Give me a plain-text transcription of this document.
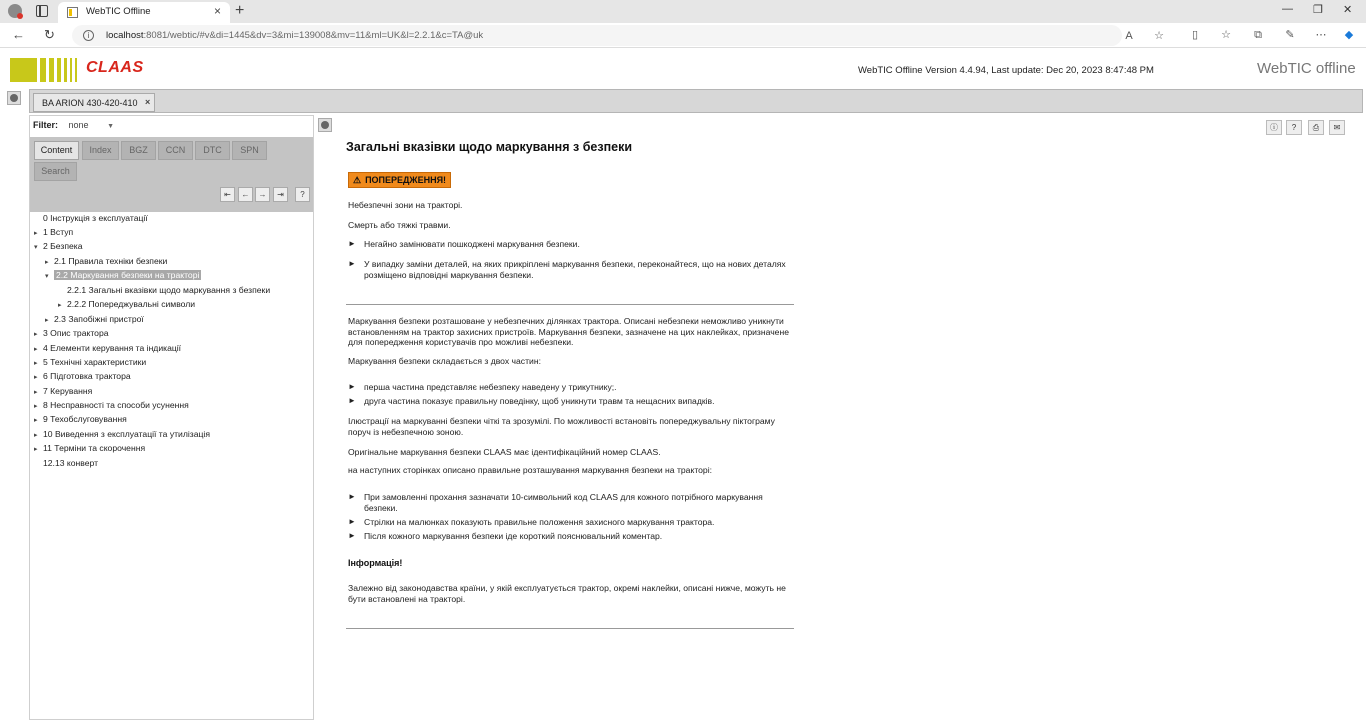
WebTIC Offline	× +	— ❐ ✕
← ↻	i	localhost:8081/webtic/#v&di=1445&dv=3&mi=139008&mv=11&ml=UK&l=2.2.1&c=TA@uk	A	☆	▯	☆ ⧉ ✎ ⋯ ◆
CLAAS	WebTIC Offline Version 4.4.94, Last update: Dec 20, 2023 8:47:48 PM	WebTIC offline
BA ARION 430-420-410 ×
Filter: none	▼
Content	Index	BGZ	CCN	DTC	SPN
Search
⇤	←	→	⇥	?
0 Інструкція з експлуатації
▸ 1 Вступ
▾ 2 Безпека
▸ 2.1 Правила техніки безпеки
▾ 2.2 Маркування безпеки на тракторі
2.2.1 Загальні вказівки щодо маркування з безпеки
▸ 2.2.2 Попереджувальні символи
▸ 2.3 Запобіжні пристрої
▸ 3 Опис трактора
▸ 4 Елементи керування та індикації
▸ 5 Технічні характеристики
▸ 6 Підготовка трактора
▸ 7 Керування
▸ 8 Несправності та способи усунення
▸ 9 Техобслуговування
▸ 10 Виведення з експлуатації та утилізація
▸ 11 Терміни та скорочення
12.13 конверт
ⓘ	?	⎙	✉
Загальні вказівки щодо маркування з безпеки
⚠ ПОПЕРЕДЖЕННЯ!
Небезпечні зони на тракторі.
Смерть або тяжкі травми.
► Негайно замінювати пошкоджені маркування безпеки.
► У випадку заміни деталей, на яких прикріплені маркування безпеки, переконайтеся, що на нових деталях розміщено відповідні маркування безпеки.
Маркування безпеки розташоване у небезпечних ділянках трактора. Описані небезпеки неможливо уникнути встановленням на трактор захисних пристроїв. Маркування безпеки, зазначене на цих наклейках, призначене для попередження користувачів про можливі небезпеки.
Маркування безпеки складається з двох частин:
► перша частина представляє небезпеку наведену у трикутнику;.
► друга частина показує правильну поведінку, щоб уникнути травм та нещасних випадків.
Ілюстрації на маркуванні безпеки чіткі та зрозумілі. По можливості встановіть попереджувальну піктограму поруч із небезпечною зоною.
Оригінальне маркування безпеки CLAAS має ідентифікаційний номер CLAAS.
на наступних сторінках описано правильне розташування маркування безпеки на тракторі:
► При замовленні прохання зазначати 10-символьний код CLAAS для кожного потрібного маркування безпеки.
► Стрілки на малюнках показують правильне положення захисного маркування трактора.
► Після кожного маркування безпеки іде короткий пояснювальний коментар.
Інформація!
Залежно від законодавства країни, у якій експлуатується трактор, окремі наклейки, описані нижче, можуть не бути встановлені на тракторі.
